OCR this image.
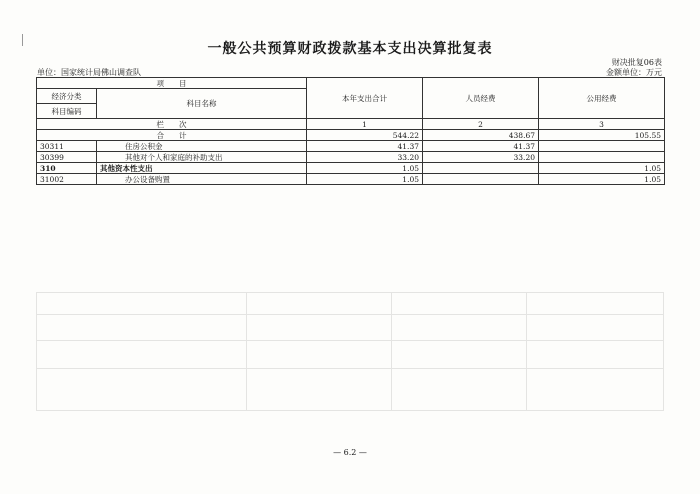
一般公共预算财政拨款基本支出决算批复表
财决批复06表
单位：国家统计局佛山调查队	金额单位：万元
项　　目		本年支出合计	人员经费	公用经费
经济分类	科目名称			
科目编码				
栏　　次		1	2	3
合　　计		544.22	438.67	105.55
30311	住房公积金	41.37	41.37	
30399	其他对个人和家庭的补助支出	33.20	33.20	
310	其他资本性支出	1.05		1.05
31002	办公设备购置	1.05		1.05
— 6.2 —
